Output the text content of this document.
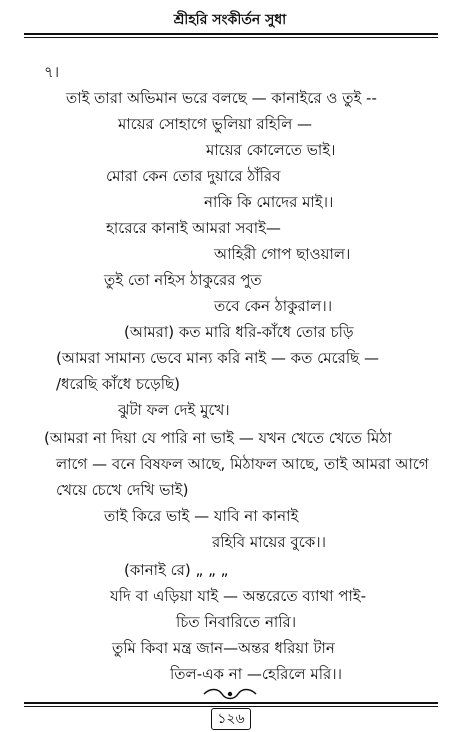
শ্রীহরি সংকীর্তন সুধা
৭।
তাই তারা অভিমান ভরে বলছে — কানাইরে ও তুই --
মায়ের সোহাগে ভুলিয়া রহিলি —
মায়ের কোলেতে ভাই।
মোরা কেন তোর দুয়ারে ঠাঁরিব
নাকি কি মোদের মাই।।
হারেরে কানাই আমরা সবাই—
আহিরী গোপ ছাওয়াল।
তুই তো নহিস ঠাকুরের পুত
তবে কেন ঠাকুরাল।।
(আমরা) কত মারি ধরি-কাঁধে তোর চড়ি
(আমরা সামান্য ভেবে মান্য করি নাই — কত মেরেছি —
/ধরেছি কাঁধে চড়েছি)
ঝুটা ফল দেই মুখে।
(আমরা না দিয়া যে পারি না ভাই — যখন খেতে খেতে মিঠা
লাগে — বনে বিষফল আছে, মিঠাফল আছে, তাই আমরা আগে
খেয়ে চেখে দেখি ভাই)
তাই কিরে ভাই — যাবি না কানাই
রহিবি মায়ের বুকে।।
(কানাই রে) „ „ „
যদি বা এড়িয়া যাই — অন্তরেতে ব্যাথা পাই-
চিত নিবারিতে নারি।
তুমি কিবা মন্ত্র জান—অন্তর ধরিয়া টান
তিল-এক না —হেরিলে মরি।।
১২৬
